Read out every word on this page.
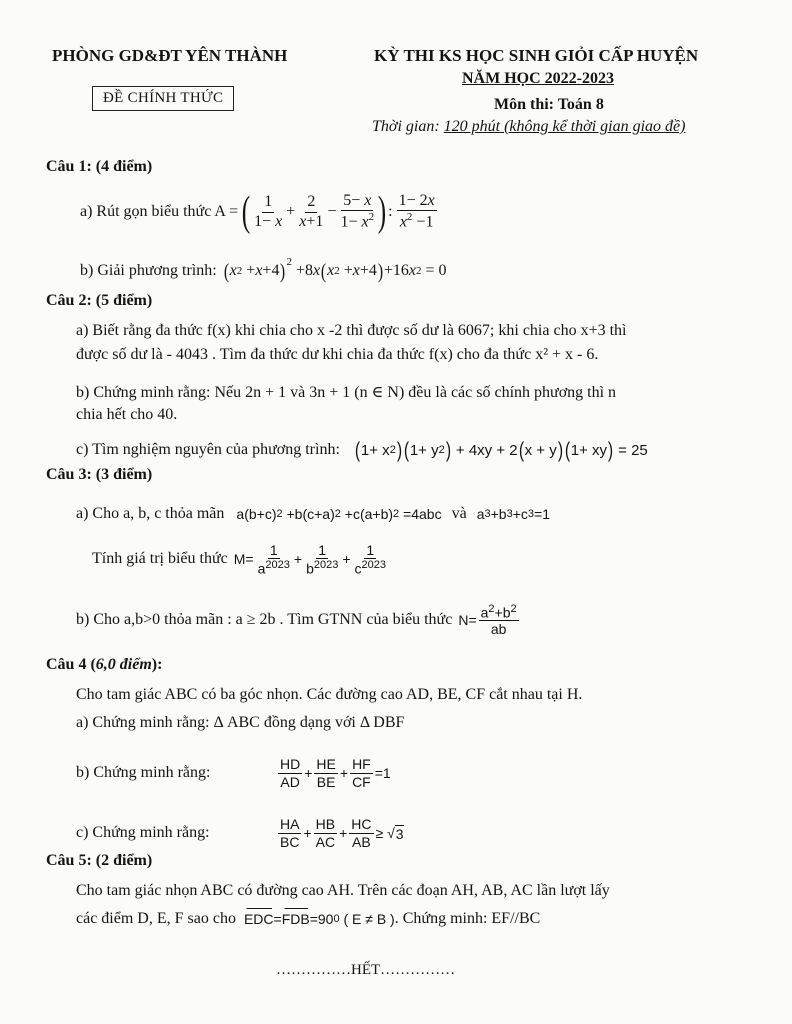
PHÒNG GD&ĐT YÊN THÀNH
ĐỀ CHÍNH THỨC
KỲ THI KS HỌC SINH GIỎI CẤP HUYỆN
NĂM HỌC 2022-2023
Môn thi: Toán 8
Thời gian: 120 phút (không kể thời gian giao đề)
Câu 1: (4 điểm)
a) Rút gọn biểu thức A = ( 1
1− x
+
2
x+1
−
5− x
$1- x^2$ ) :
1− 2x
$x^2 -1$
b) Giải phương trình: ( x 2 + x +4 )$^2$ +8 x ( x 2 + x +4 ) +16 x 2 = 0
Câu 2: (5 điểm)
a) Biết rằng đa thức f(x) khi chia cho x -2 thì được số dư là 6067; khi chia cho x+3 thì
được số dư là - 4043 . Tìm đa thức dư khi chia đa thức f(x) cho đa thức x² + x - 6.
b) Chứng minh rằng: Nếu 2n + 1 và 3n + 1 (n ∈ N) đều là các số chính phương thì n
chia hết cho 40.
c) Tìm nghiệm nguyên của phương trình: ( 1+ x 2 ) ( 1+ y 2 ) + 4xy + 2 ( x + y ) ( 1+ xy ) = 25
Câu 3: (3 điểm)
a) Cho a, b, c thỏa mãn a(b+c) 2 +b(c+a) 2 +c(a+b) 2 =4abc và a 3 +b 3 +c 3 =1
Tính giá trị biểu thức M=
1
$a^{2023}$ +
1
$b^{2023}$ +
1
$c^{2023}$
b) Cho a,b>0 thỏa mãn : a ≥ 2b . Tìm GTNN của biểu thức $N= a^2+b^2$
ab
Câu 4 (6,0 điểm):
Cho tam giác ABC có ba góc nhọn. Các đường cao AD, BE, CF cắt nhau tại H.
a) Chứng minh rằng: Δ ABC đồng dạng với Δ DBF
b) Chứng minh rằng:	HD
AD
+
HE
BE
+
HF
CF
=1
c) Chứng minh rằng:	HA
BC
+
HB
AC
+
HC
AB
≥ √ 3
Câu 5: (2 điểm)
Cho tam giác nhọn ABC có đường cao AH. Trên các đoạn AH, AB, AC lần lượt lấy
các điểm D, E, F sao cho EDC = FDB =90 0 ( E ≠ B ) . Chứng minh: EF//BC
……………HẾT……………
